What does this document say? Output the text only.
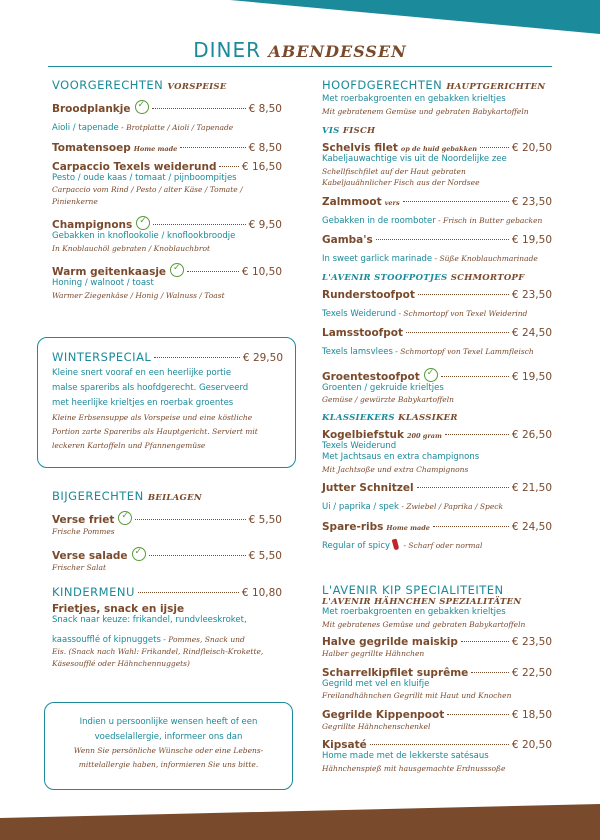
DINER ABENDESSEN
VOORGERECHTEN VORSPEISE
Broodplankje ✓	€ 8,50
Aioli / tapenade - Brotplatte / Aioli / Tapenade
Tomatensoep Home made	€ 8,50
Carpaccio Texels weiderund € 16,50
Pesto / oude kaas / tomaat / pijnboompitjes
Carpaccio vom Rind / Pesto / alter Käse / Tomate /
Pinienkerne
Champignons ✓	€ 9,50
Gebakken in knoflookolie / knoflookbroodje
In Knoblauchöl gebraten / Knoblauchbrot
Warm geitenkaasje ✓	€ 10,50
Honing / walnoot / toast
Warmer Ziegenkäse / Honig / Walnuss / Toast
WINTERSPECIAL	€ 29,50
Kleine snert vooraf en een heerlijke portie
malse spareribs als hoofdgerecht. Geserveerd
met heerlijke krieltjes en roerbak groentes
Kleine Erbsensuppe als Vorspeise und eine köstliche
Portion zarte Spareribs als Hauptgericht. Serviert mit
leckeren Kartoffeln und Pfannengemüse
BIJGERECHTEN BEILAGEN
Verse friet ✓	€ 5,50
Frische Pommes
Verse salade ✓	€ 5,50
Frischer Salat
KINDERMENU	€ 10,80
Frietjes, snack en ijsje
Snack naar keuze: frikandel, rundvleeskroket,
kaassoufflé of kipnuggets - Pommes, Snack und
Eis. (Snack nach Wahl: Frikandel, Rindfleisch-Krokette,
Käsesoufflé oder Hähnchennuggets)
Indien u persoonlijke wensen heeft of een
voedselallergie, informeer ons dan
Wenn Sie persönliche Wünsche oder eine Lebens-
mittelallergie haben, informieren Sie uns bitte.
HOOFDGERECHTEN HAUPTGERICHTEN
Met roerbakgroenten en gebakken krieltjes
Mit gebratenem Gemüse und gebraten Babykartoffeln
VIS FISCH
Schelvis filet op de huid gebakken	€ 20,50
Kabeljauwachtige vis uit de Noordelijke zee
Schellfischfilet auf der Haut gebraten
Kabeljauähnlicher Fisch aus der Nordsee
Zalmmoot vers	€ 23,50
Gebakken in de roomboter - Frisch in Butter gebacken
Gamba's	€ 19,50
In sweet garlick marinade - Süße Knoblauchmarinade
L'AVENIR STOOFPOTJES SCHMORTOPF
Runderstoofpot	€ 23,50
Texels Weiderund - Schmortopf von Texel Weiderind
Lamsstoofpot	€ 24,50
Texels lamsvlees - Schmortopf von Texel Lammfleisch
Groentestoofpot ✓	€ 19,50
Groenten / gekruide krieltjes
Gemüse / gewürzte Babykartoffeln
KLASSIEKERS KLASSIKER
Kogelbiefstuk 200 gram	€ 26,50
Texels Weiderund
Met Jachtsaus en extra champignons
Mit Jachtsoße und extra Champignons
Jutter Schnitzel	€ 21,50
Ui / paprika / spek - Zwiebel / Paprika / Speck
Spare-ribs Home made	€ 24,50
Regular of spicy - Scharf oder normal
L'AVENIR KIP SPECIALITEITEN
L'AVENIR HÄHNCHEN SPEZIALITÄTEN
Met roerbakgroenten en gebakken krieltjes
Mit gebratenes Gemüse und gebraten Babykartoffeln
Halve gegrilde maiskip	€ 23,50
Halber gegrillte Hähnchen
Scharrelkipfilet suprême	€ 22,50
Gegrild met vel en kluifje
Freilandhähnchen Gegrillt mit Haut und Knochen
Gegrilde Kippenpoot	€ 18,50
Gegrillte Hähnchenschenkel
Kipsaté	€ 20,50
Home made met de lekkerste satésaus
Hähnchenspieß mit hausgemachte Erdnusssoße
